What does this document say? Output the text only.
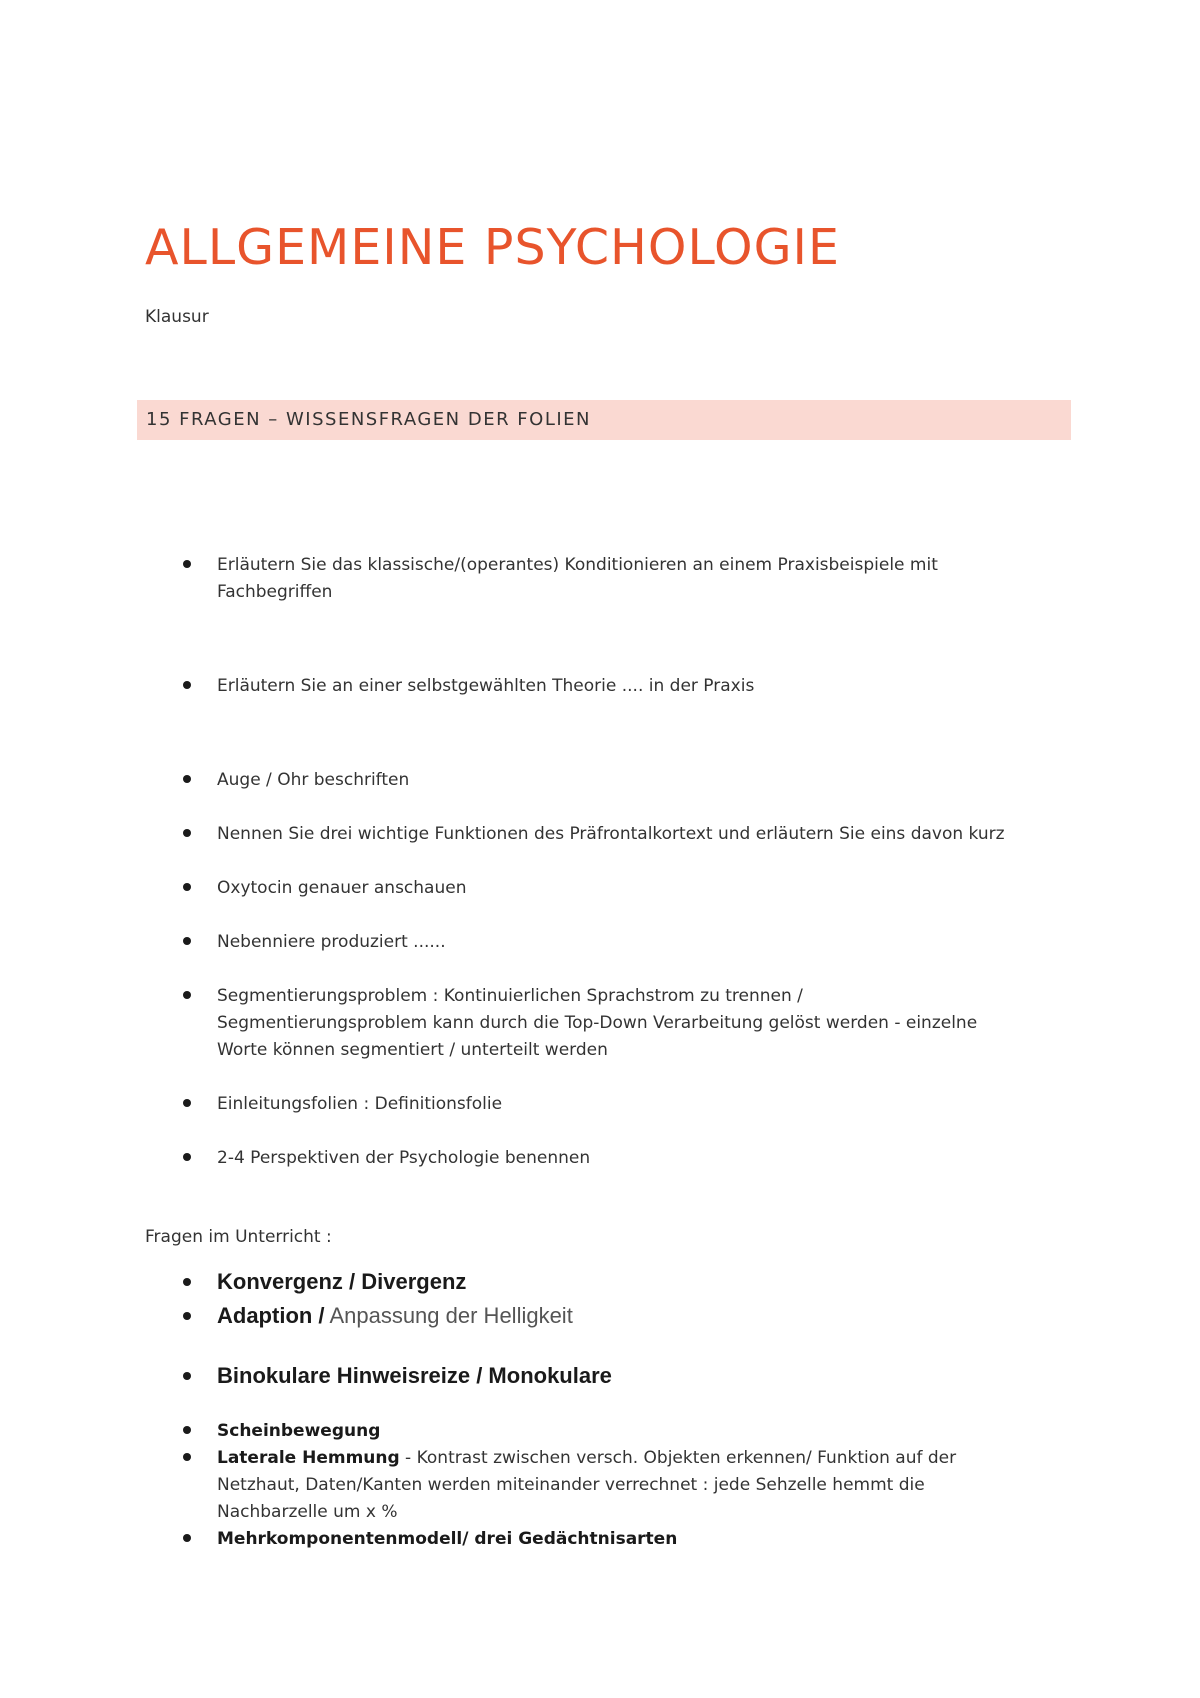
ALLGEMEINE PSYCHOLOGIE
Klausur
15 FRAGEN – WISSENSFRAGEN DER FOLIEN
Erläutern Sie das klassische/(operantes) Konditionieren an einem Praxisbeispiele mit
Fachbegriffen
Erläutern Sie an einer selbstgewählten Theorie .... in der Praxis
Auge / Ohr beschriften
Nennen Sie drei wichtige Funktionen des Präfrontalkortext und erläutern Sie eins davon kurz
Oxytocin genauer anschauen
Nebenniere produziert ......
Segmentierungsproblem : Kontinuierlichen Sprachstrom zu trennen /
Segmentierungsproblem kann durch die Top-Down Verarbeitung gelöst werden - einzelne
Worte können segmentiert / unterteilt werden
Einleitungsfolien : Definitionsfolie
2-4 Perspektiven der Psychologie benennen
Fragen im Unterricht :
Konvergenz / Divergenz
Adaption / Anpassung der Helligkeit
Binokulare Hinweisreize / Monokulare
Scheinbewegung
Laterale Hemmung - Kontrast zwischen versch. Objekten erkennen/ Funktion auf der
Netzhaut, Daten/Kanten werden miteinander verrechnet : jede Sehzelle hemmt die
Nachbarzelle um x %
Mehrkomponentenmodell/ drei Gedächtnisarten
